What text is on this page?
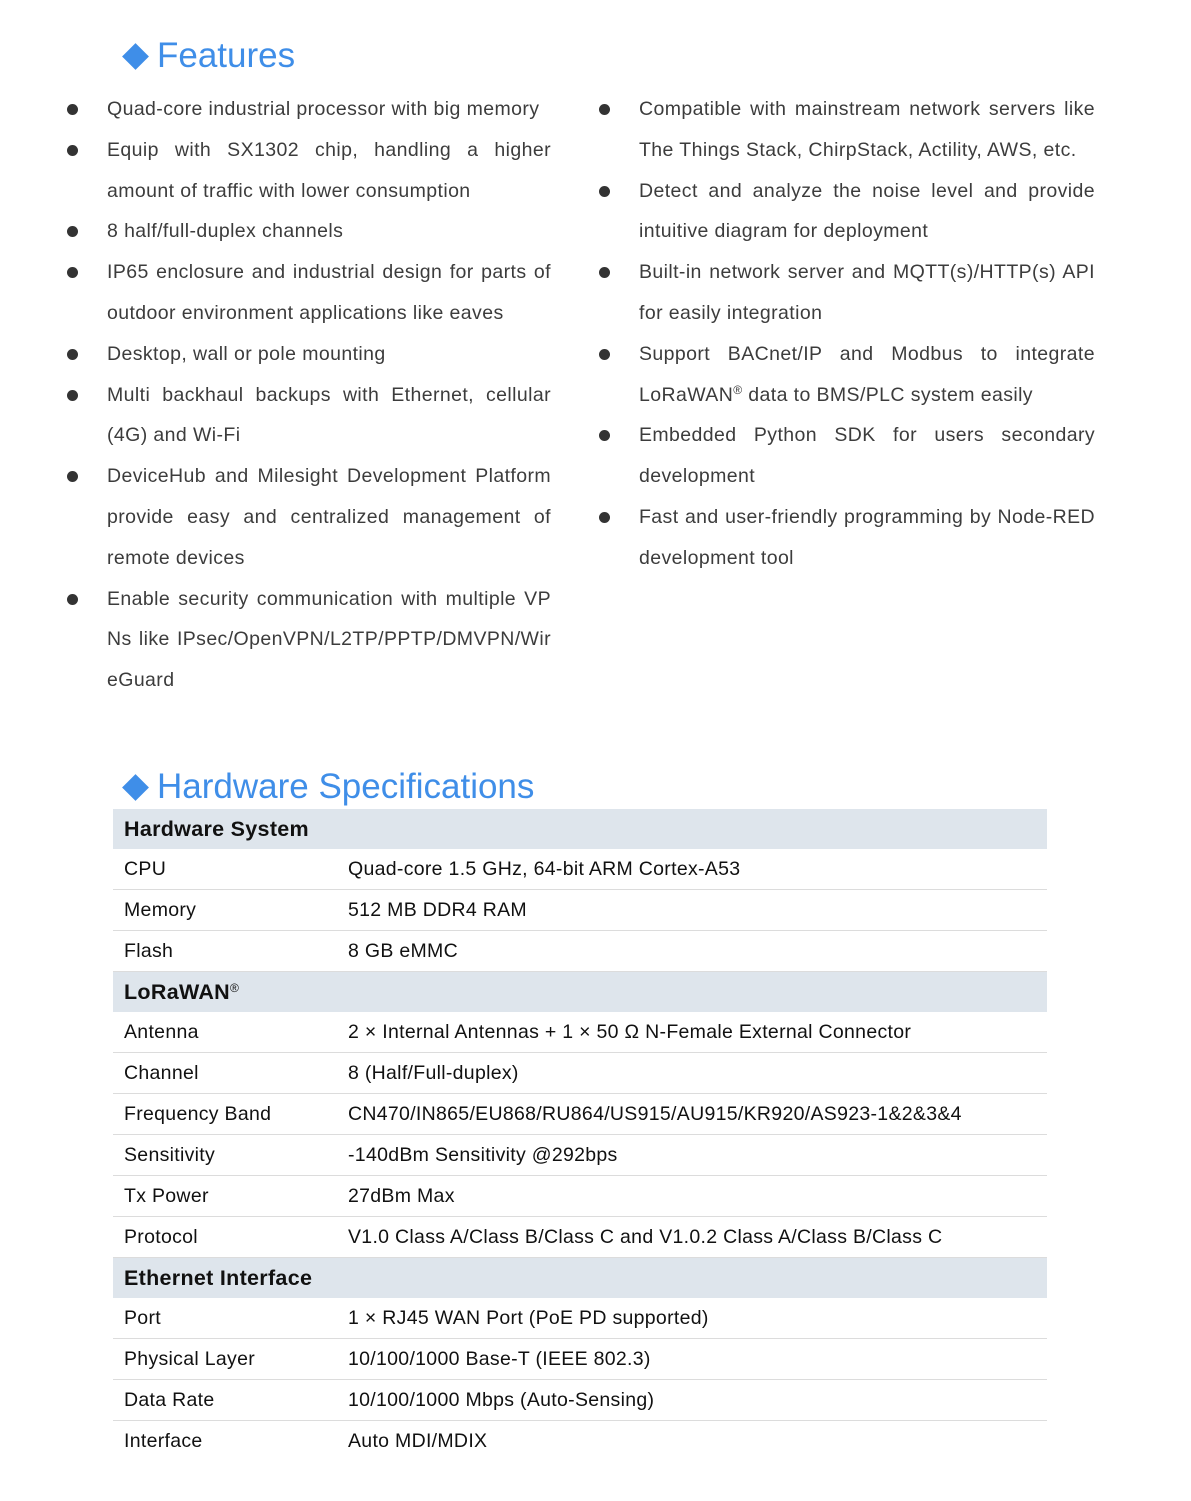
Features
Quad-core industrial processor with big memory
Equip with SX1302 chip, handling a higher amount of traffic with lower consumption
8 half/full-duplex channels
IP65 enclosure and industrial design for parts of outdoor environment applications like eaves
Desktop, wall or pole mounting
Multi backhaul backups with Ethernet, cellular (4G) and Wi-Fi
DeviceHub and Milesight Development Platform provide easy and centralized management of remote devices
Enable security communication with multiple VPNs like IPsec/OpenVPN/L2TP/PPTP/DMVPN/WireGuard
Compatible with mainstream network servers like The Things Stack, ChirpStack, Actility, AWS, etc.
Detect and analyze the noise level and provide intuitive diagram for deployment
Built-in network server and MQTT(s)/HTTP(s) API for easily integration
Support BACnet/IP and Modbus to integrate LoRaWAN® data to BMS/PLC system easily
Embedded Python SDK for users secondary development
Fast and user-friendly programming by Node-RED development tool
Hardware Specifications
Hardware System	
CPU	Quad-core 1.5 GHz, 64-bit ARM Cortex-A53
Memory	512 MB DDR4 RAM
Flash	8 GB eMMC
LoRaWAN®
Antenna	2 × Internal Antennas + 1 × 50 Ω N-Female External Connector
Channel	8 (Half/Full-duplex)
Frequency Band	CN470/IN865/EU868/RU864/US915/AU915/KR920/AS923-1&2&3&4
Sensitivity	-140dBm Sensitivity @292bps
Tx Power	27dBm Max
Protocol	V1.0 Class A/Class B/Class C and V1.0.2 Class A/Class B/Class C
Ethernet Interface	
Port	1 × RJ45 WAN Port (PoE PD supported)
Physical Layer	10/100/1000 Base-T (IEEE 802.3)
Data Rate	10/100/1000 Mbps (Auto-Sensing)
Interface	Auto MDI/MDIX
